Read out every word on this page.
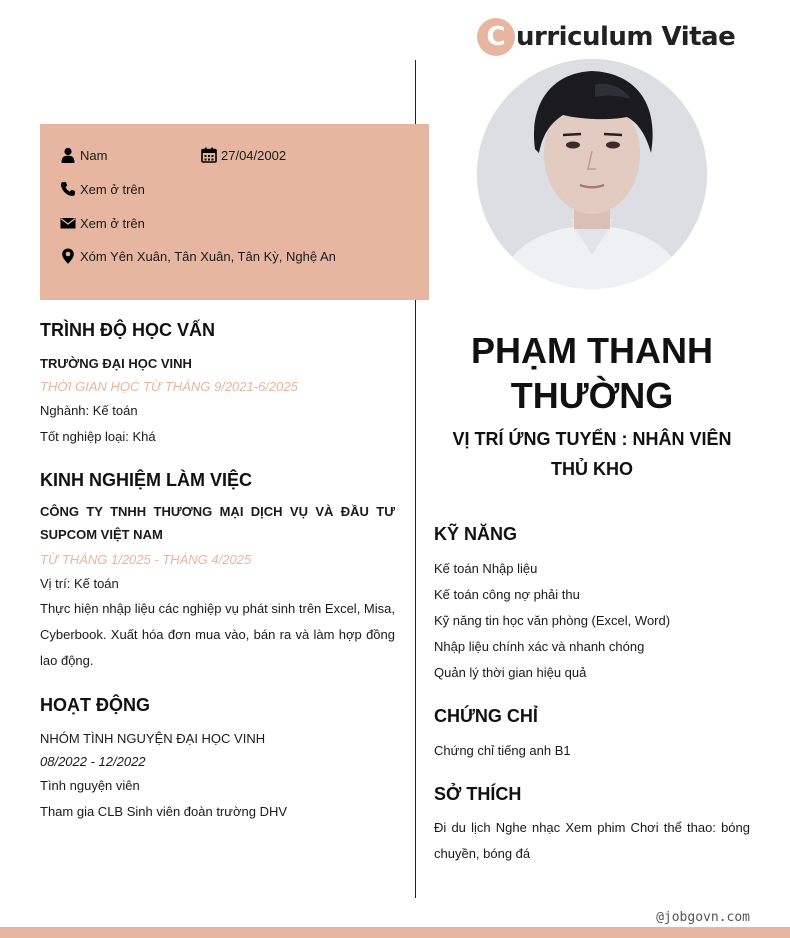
C urriculum Vitae
Nam	27/04/2002
Xem ở trên
Xem ở trên
Xóm Yên Xuân, Tân Xuân, Tân Kỳ, Nghệ An
PHẠM THANH THƯỜNG
VỊ TRÍ ỨNG TUYỂN : NHÂN VIÊN THỦ KHO
TRÌNH ĐỘ HỌC VẤN
TRƯỜNG ĐẠI HỌC VINH
THỜI GIAN HỌC TỪ THÁNG 9/2021-6/2025
Nghành: Kế toán
Tốt nghiệp loại: Khá
KINH NGHIỆM LÀM VIỆC
CÔNG TY TNHH THƯƠNG MẠI DỊCH VỤ VÀ ĐẦU TƯ SUPCOM VIỆT NAM
TỪ THÁNG 1/2025 - THÁNG 4/2025
Vị trí: Kế toán
Thực hiện nhập liệu các nghiệp vụ phát sinh trên Excel, Misa, Cyberbook. Xuất hóa đơn mua vào, bán ra và làm hợp đồng lao động.
HOẠT ĐỘNG
NHÓM TÌNH NGUYỆN ĐẠI HỌC VINH
08/2022 - 12/2022
Tình nguyện viên
Tham gia CLB Sinh viên đoàn trường DHV
KỸ NĂNG
Kế toán Nhập liệu
Kế toán công nợ phải thu
Kỹ năng tin học văn phòng (Excel, Word)
Nhập liệu chính xác và nhanh chóng
Quản lý thời gian hiệu quả
CHỨNG CHỈ
Chứng chỉ tiếng anh B1
SỞ THÍCH
Đi du lịch Nghe nhạc Xem phim Chơi thể thao: bóng chuyền, bóng đá
@jobgovn.com
